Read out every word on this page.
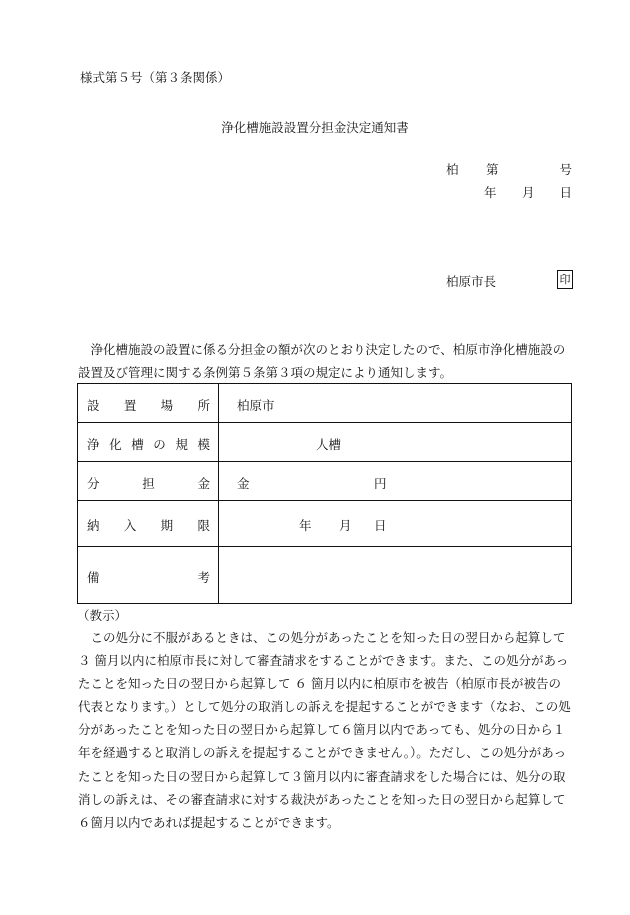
様式第５号（第３条関係）
浄化槽施設設置分担金決定通知書
柏 第	号
年 月 日
柏原市長	印

　浄化槽施設の設置に係る分担金の額が次のとおり決定したので、柏原市浄化槽施設の設置及び管理に関する条例第５条第３項の規定により通知します。

設 置 場 所 柏原市
浄 化 槽 の 規 模	人槽
分	担	金 金	円
納 入 期 限	年 月 日
備	考
（教示）

　この処分に不服があるときは、この処分があったことを知った日の翌日から起算して ３ 箇月以内に柏原市長に対して審査請求をすることができます。また、この処分があったことを知った日の翌日から起算して ６ 箇月以内に柏原市を被告（柏原市長が被告の代表となります。）として処分の取消しの訴えを提起することができます（なお、この処分があったことを知った日の翌日から起算して６箇月以内であっても、処分の日から１年を経過すると取消しの訴えを提起することができません。）。ただし、この処分があったことを知った日の翌日から起算して３箇月以内に審査請求をした場合には、処分の取消しの訴えは、その審査請求に対する裁決があったことを知った日の翌日から起算して６箇月以内であれば提起することができます。
